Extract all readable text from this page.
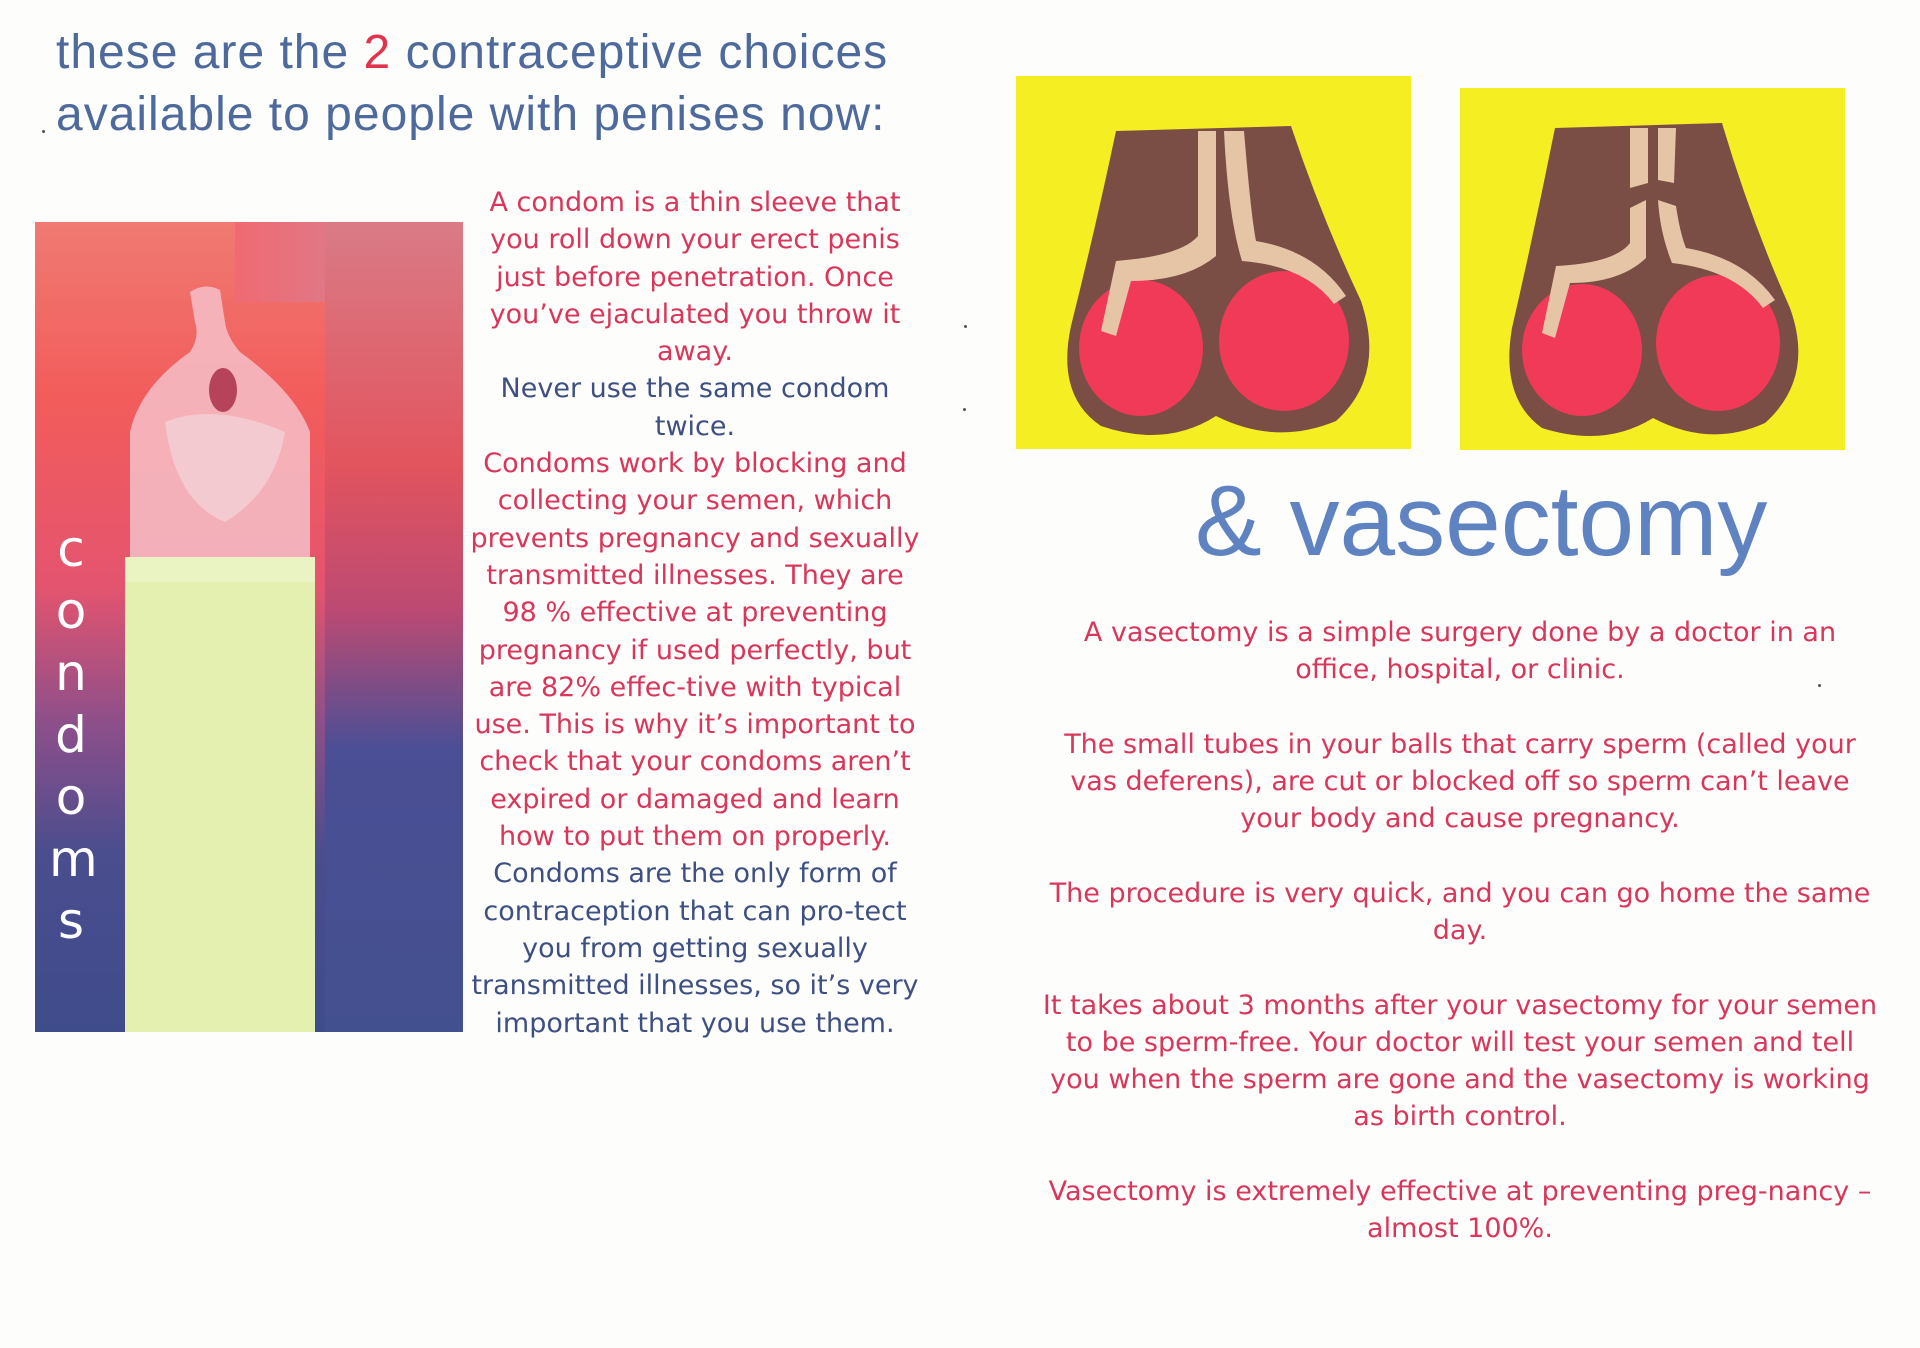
these are the 2 contraceptive choices
available to people with penises now:
c
o
n
d
o
m
s

A condom is a thin sleeve that you roll down your erect penis just before penetration. Once you’ve ejaculated you throw it away.

Never use the same condom twice.

Condoms work by blocking and collecting your semen, which prevents pregnancy and sexually transmitted illnesses. They are 98 % effective at preventing pregnancy if used perfectly, but are 82% effec-tive with typical use. This is why it’s important to check that your condoms aren’t expired or damaged and learn how to put them on properly.

Condoms are the only form of contraception that can pro-tect you from getting sexually transmitted illnesses, so it’s very important that you use them.

& vasectomy

A vasectomy is a simple surgery done by a doctor in an office, hospital, or clinic.

The small tubes in your balls that carry sperm (called your vas deferens), are cut or blocked off so sperm can’t leave your body and cause pregnancy.

The procedure is very quick, and you can go home the same day.

It takes about 3 months after your vasectomy for your semen to be sperm-free. Your doctor will test your semen and tell you when the sperm are gone and the vasectomy is working as birth control.

Vasectomy is extremely effective at preventing preg-nancy – almost 100%.
